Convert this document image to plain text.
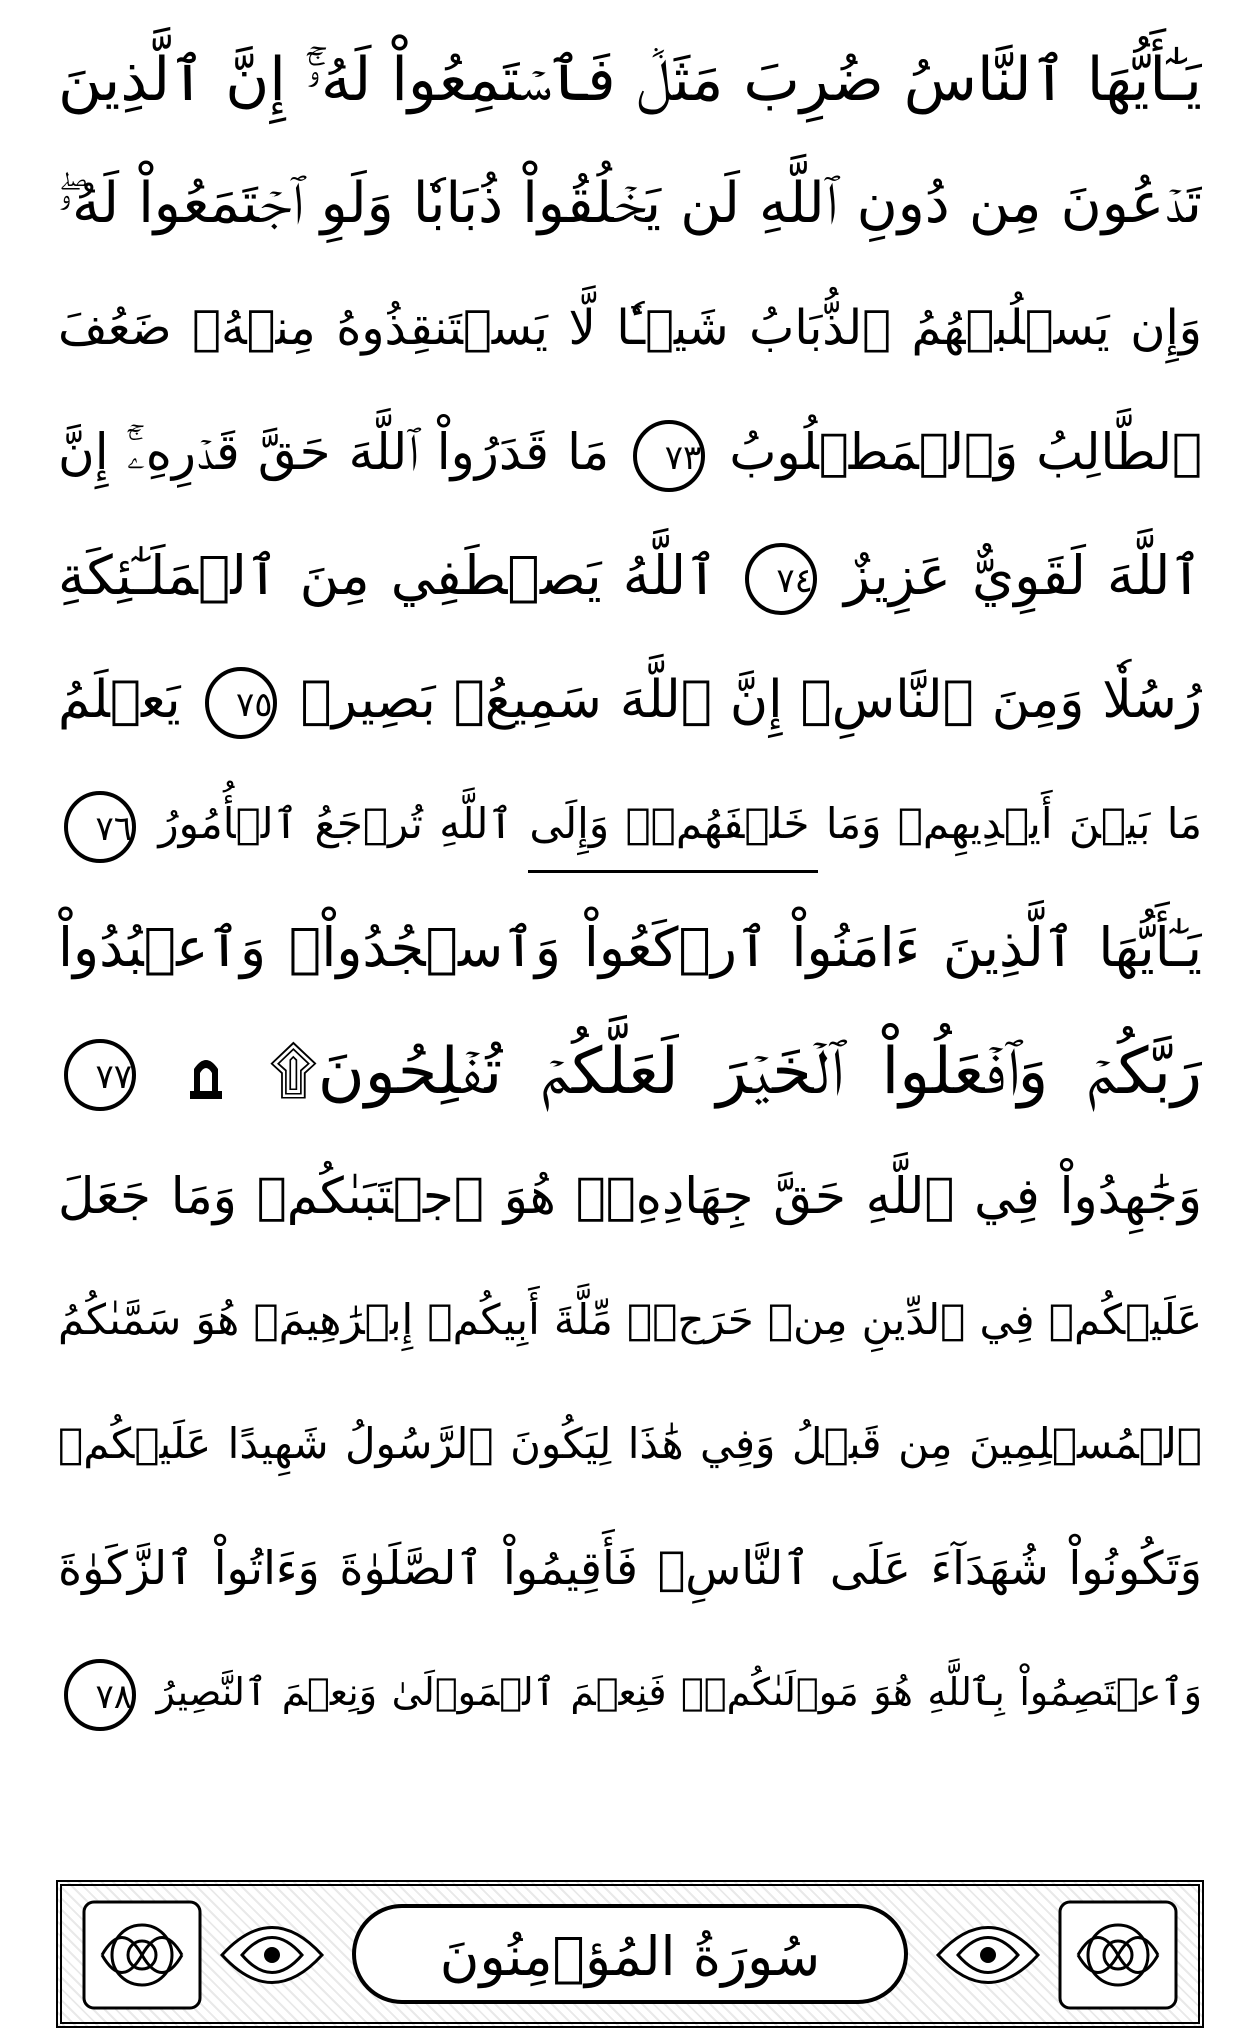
يَـٰٓأَيُّهَا ٱلنَّاسُ ضُرِبَ مَثَلٞ فَٱسۡتَمِعُواْ لَهُۥٓۚ إِنَّ ٱلَّذِينَ
تَدۡعُونَ مِن دُونِ ٱللَّهِ لَن يَخۡلُقُواْ ذُبَابٗا وَلَوِ ٱجۡتَمَعُواْ لَهُۥۖ
وَإِن يَسۡلُبۡهُمُ ٱلذُّبَابُ شَيۡـٔٗا لَّا يَسۡتَنقِذُوهُ مِنۡهُۚ ضَعُفَ
ٱلطَّالِبُ وَٱلۡمَطۡلُوبُ ٧٣ مَا قَدَرُواْ ٱللَّهَ حَقَّ قَدۡرِهِۦٓۚ إِنَّ
ٱللَّهَ لَقَوِيٌّ عَزِيزٌ ٧٤ ٱللَّهُ يَصۡطَفِي مِنَ ٱلۡمَلَـٰٓئِكَةِ
رُسُلٗا وَمِنَ ٱلنَّاسِۚ إِنَّ ٱللَّهَ سَمِيعُۢ بَصِيرٞ ٧٥ يَعۡلَمُ
مَا بَيۡنَ أَيۡدِيهِمۡ وَمَا خَلۡفَهُمۡۗ وَإِلَى ٱللَّهِ تُرۡجَعُ ٱلۡأُمُورُ ٧٦
يَـٰٓأَيُّهَا ٱلَّذِينَ ءَامَنُواْ ٱرۡكَعُواْ وَٱسۡجُدُواْۤ وَٱعۡبُدُواْ
رَبَّكُمۡ وَٱفۡعَلُواْ ٱلۡخَيۡرَ لَعَلَّكُمۡ تُفۡلِحُونَ۩  ٧٧
وَجَٰهِدُواْ فِي ٱللَّهِ حَقَّ جِهَادِهِۦۚ هُوَ ٱجۡتَبَىٰكُمۡ وَمَا جَعَلَ
عَلَيۡكُمۡ فِي ٱلدِّينِ مِنۡ حَرَجٖۚ مِّلَّةَ أَبِيكُمۡ إِبۡرَٰهِيمَۚ هُوَ سَمَّىٰكُمُ
ٱلۡمُسۡلِمِينَ مِن قَبۡلُ وَفِي هَٰذَا لِيَكُونَ ٱلرَّسُولُ شَهِيدًا عَلَيۡكُمۡ
وَتَكُونُواْ شُهَدَآءَ عَلَى ٱلنَّاسِۚ فَأَقِيمُواْ ٱلصَّلَوٰةَ وَءَاتُواْ ٱلزَّكَوٰةَ
وَٱعۡتَصِمُواْ بِٱللَّهِ هُوَ مَوۡلَىٰكُمۡۖ فَنِعۡمَ ٱلۡمَوۡلَىٰ وَنِعۡمَ ٱلنَّصِيرُ ٧٨
سُورَةُ المُؤۡمِنُونَ
